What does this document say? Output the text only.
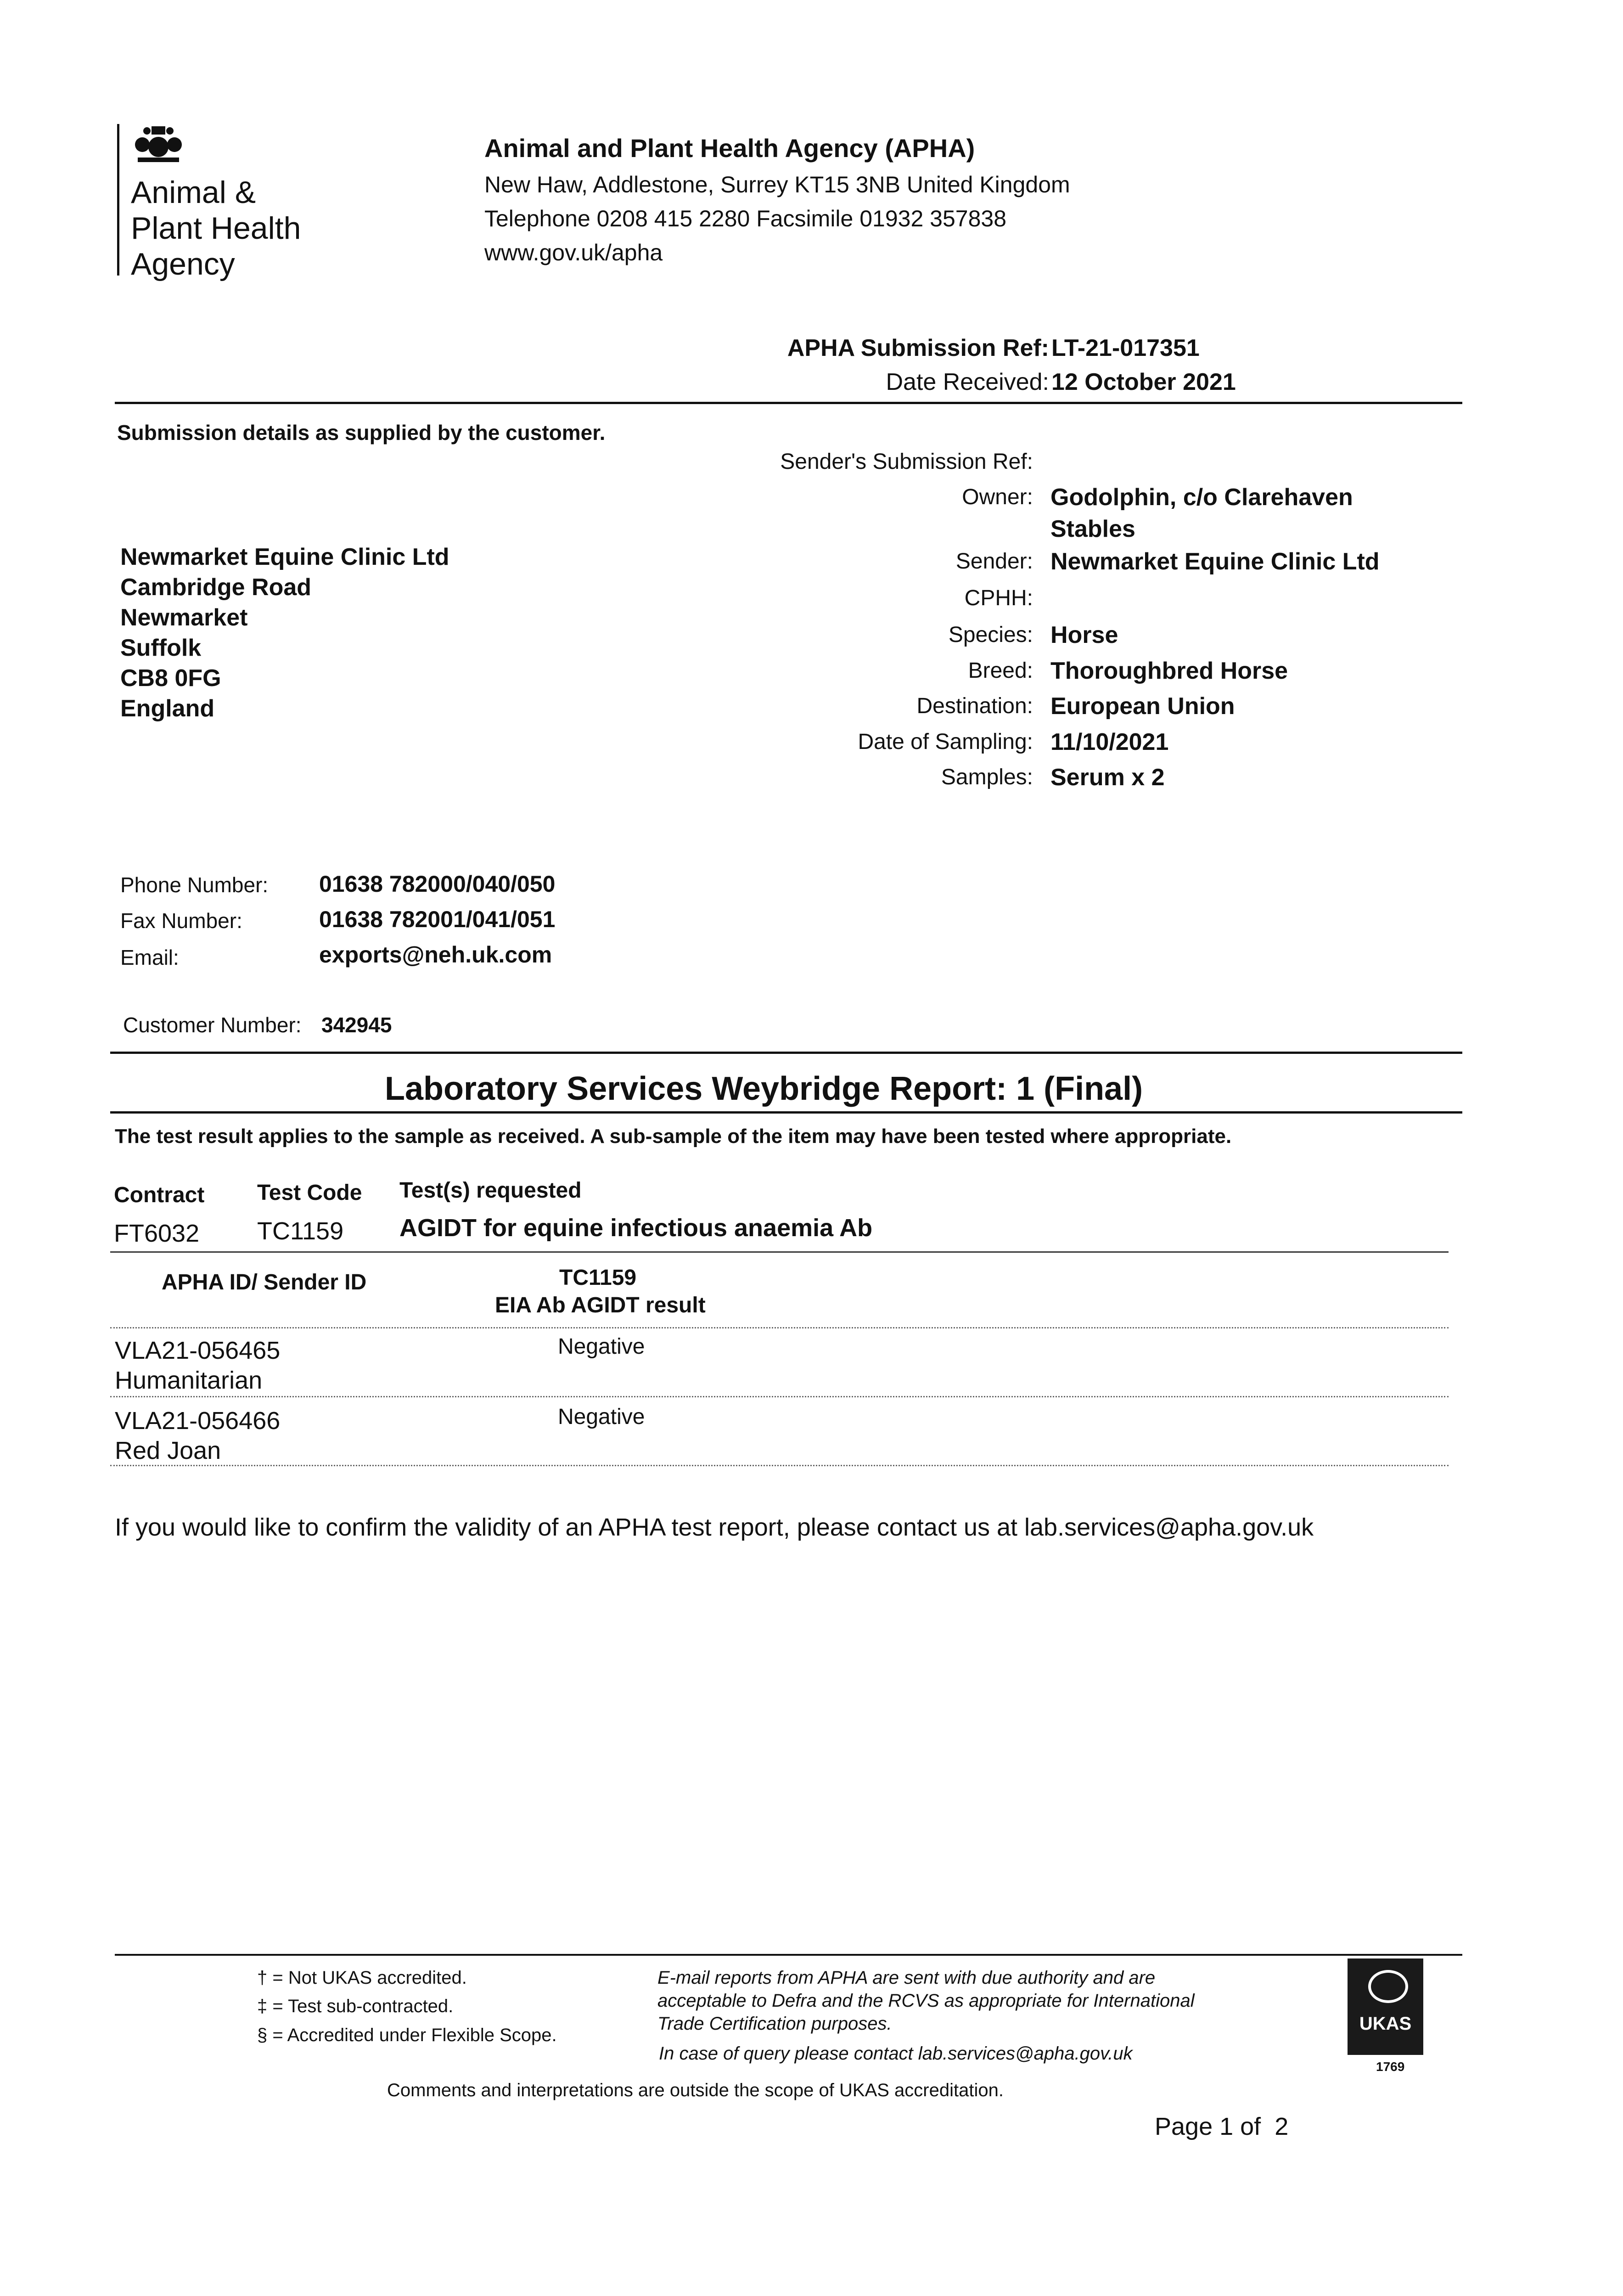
Animal &
Plant Health
Agency
Animal and Plant Health Agency (APHA)
New Haw, Addlestone, Surrey KT15 3NB United Kingdom
Telephone 0208 415 2280 Facsimile 01932 357838
www.gov.uk/apha
APHA Submission Ref: LT-21-017351
Date Received: 12 October 2021
Submission details as supplied by the customer.
Newmarket Equine Clinic Ltd
Cambridge Road
Newmarket
Suffolk
CB8 0FG
England
Sender's Submission Ref:
Owner: Godolphin, c/o Clarehaven
Stables
Sender: Newmarket Equine Clinic Ltd
CPHH:
Species: Horse
Breed: Thoroughbred Horse
Destination: European Union
Date of Sampling: 11/10/2021
Samples: Serum x 2
Phone Number: 01638 782000/040/050
Fax Number:	01638 782001/041/051
Email:	exports@neh.uk.com
Customer Number: 342945
Laboratory Services Weybridge Report: 1 (Final)
The test result applies to the sample as received. A sub-sample of the item may have been tested where appropriate.
Contract Test Code Test(s) requested
FT6032 TC1159 AGIDT for equine infectious anaemia Ab
APHA ID/ Sender ID	TC1159
EIA Ab AGIDT result
VLA21-056465
Humanitarian
Negative
VLA21-056466
Red Joan
Negative
If you would like to confirm the validity of an APHA test report, please contact us at lab.services@apha.gov.uk
† = Not UKAS accredited.
‡ = Test sub-contracted.
§ = Accredited under Flexible Scope.
E-mail reports from APHA are sent with due authority and are
acceptable to Defra and the RCVS as appropriate for International
Trade Certification purposes.
In case of query please contact lab.services@apha.gov.uk
UKAS
1769
Comments and interpretations are outside the scope of UKAS accreditation.
Page 1 of  2
